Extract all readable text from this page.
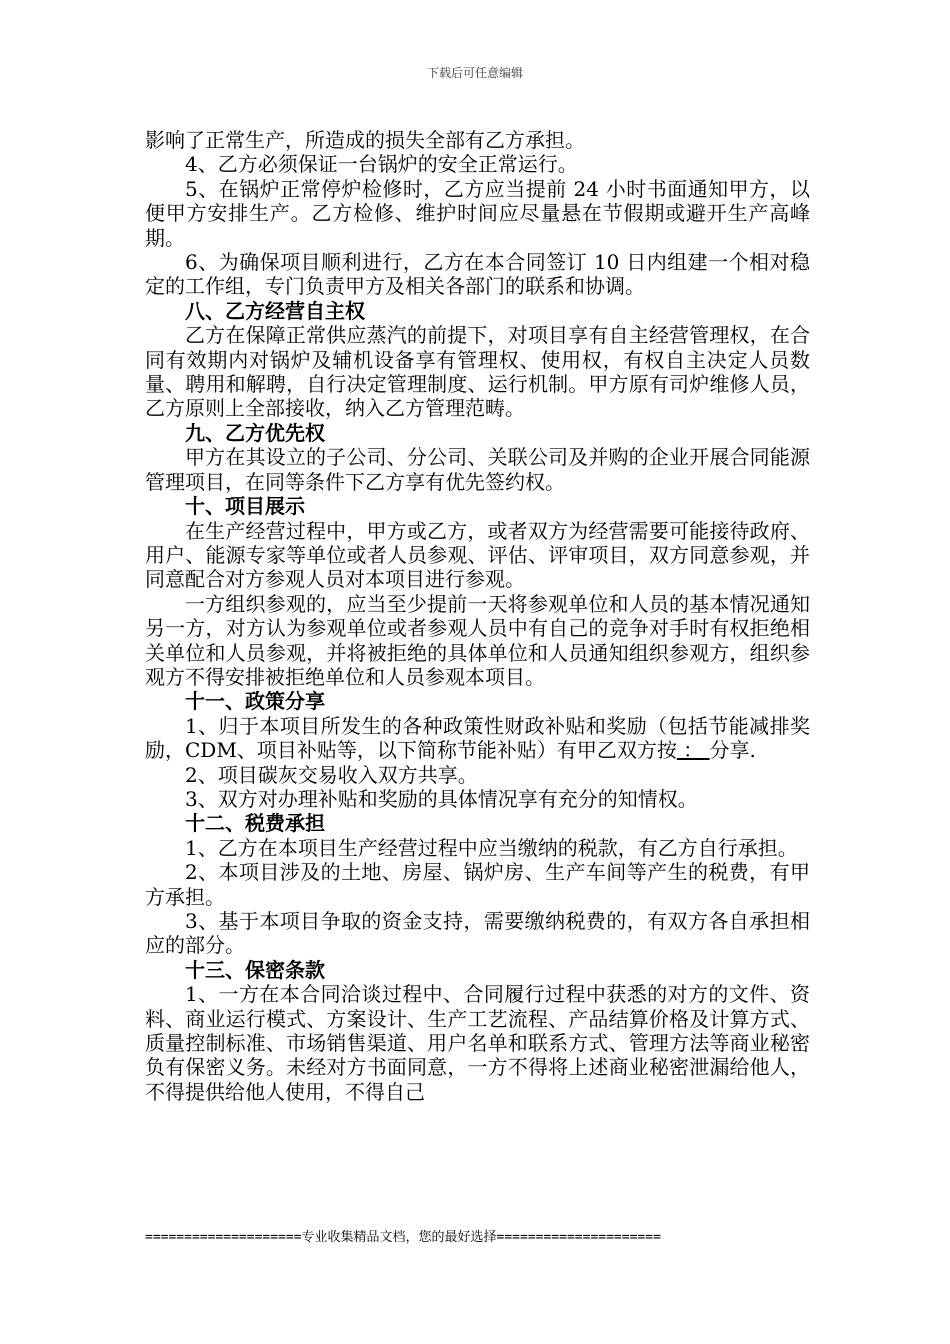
下载后可任意编辑

影响了正常生产，所造成的损失全部有乙方承担。

4、乙方必须保证一台锅炉的安全正常运行。

5、在锅炉正常停炉检修时，乙方应当提前 24 小时书面通知甲方，以便甲方安排生产。乙方检修、维护时间应尽量悬在节假期或避开生产高峰期。

6、为确保项目顺利进行，乙方在本合同签订 10 日内组建一个相对稳定的工作组，专门负责甲方及相关各部门的联系和协调。

八、乙方经营自主权

乙方在保障正常供应蒸汽的前提下，对项目享有自主经营管理权，在合同有效期内对锅炉及辅机设备享有管理权、使用权，有权自主决定人员数量、聘用和解聘，自行决定管理制度、运行机制。甲方原有司炉维修人员，乙方原则上全部接收，纳入乙方管理范畴。

九、乙方优先权

甲方在其设立的子公司、分公司、关联公司及并购的企业开展合同能源管理项目，在同等条件下乙方享有优先签约权。

十、项目展示

在生产经营过程中，甲方或乙方，或者双方为经营需要可能接待政府、用户、能源专家等单位或者人员参观、评估、评审项目，双方同意参观，并同意配合对方参观人员对本项目进行参观。

一方组织参观的，应当至少提前一天将参观单位和人员的基本情况通知另一方，对方认为参观单位或者参观人员中有自己的竞争对手时有权拒绝相关单位和人员参观，并将被拒绝的具体单位和人员通知组织参观方，组织参观方不得安排被拒绝单位和人员参观本项目。

十一、政策分享

1、归于本项目所发生的各种政策性财政补贴和奖励（包括节能减排奖励，CDM、项目补贴等，以下简称节能补贴）有甲乙双方按 ： 分享.

2、项目碳灰交易收入双方共享。

3、双方对办理补贴和奖励的具体情况享有充分的知情权。

十二、税费承担

1、乙方在本项目生产经营过程中应当缴纳的税款，有乙方自行承担。

2、本项目涉及的土地、房屋、锅炉房、生产车间等产生的税费，有甲方承担。

3、基于本项目争取的资金支持，需要缴纳税费的，有双方各自承担相应的部分。

十三、保密条款

1、一方在本合同洽谈过程中、合同履行过程中获悉的对方的文件、资料、商业运行模式、方案设计、生产工艺流程、产品结算价格及计算方式、质量控制标准、市场销售渠道、用户名单和联系方式、管理方法等商业秘密负有保密义务。未经对方书面同意，一方不得将上述商业秘密泄漏给他人，不得提供给他人使用，不得自己

====================专业收集精品文档，您的最好选择=====================
